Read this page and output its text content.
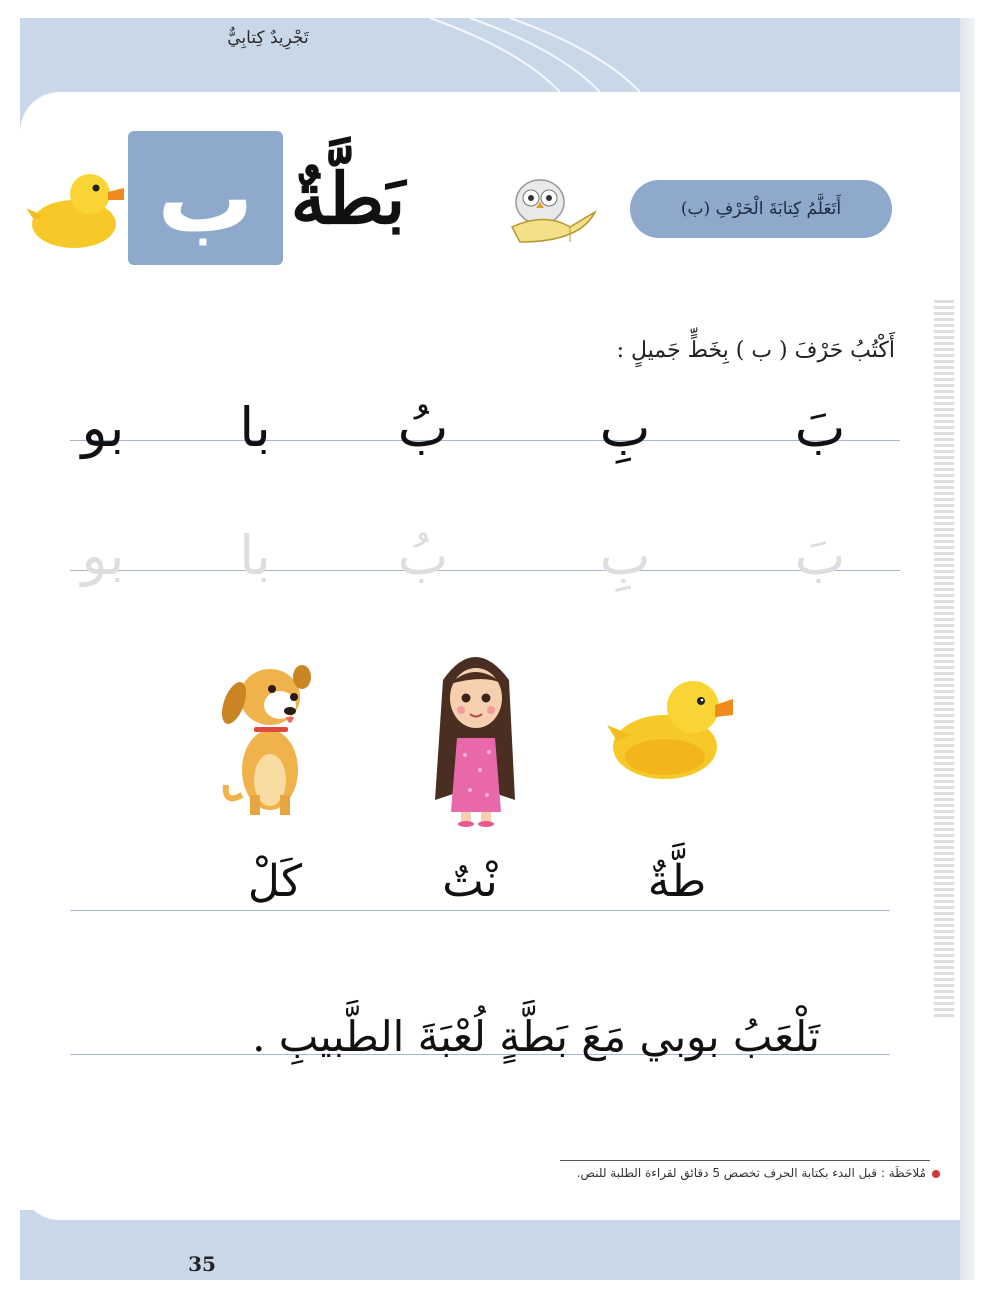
تَجْرِيدٌ كِتابِيٌّ
أَتَعَلَّمُ كِتابَةَ الْحَرْفِ (ب)
بَطَّةٌ
ب
أَكْتُبُ حَرْفَ ( ب ) بِخَطٍّ جَميلٍ :
بَ
بِ
بُ
با
بو
بَ
بِ
بُ
با
بو
طَّةٌ
نْتٌ
كَلْ
تَلْعَبُ بوبي مَعَ بَطَّةٍ لُعْبَةَ الطَّبيبِ .
مُلاحَظَة : قبل البدء بكتابة الحرف تخصص 5 دقائق لقراءة الطلبة للنص.
35
